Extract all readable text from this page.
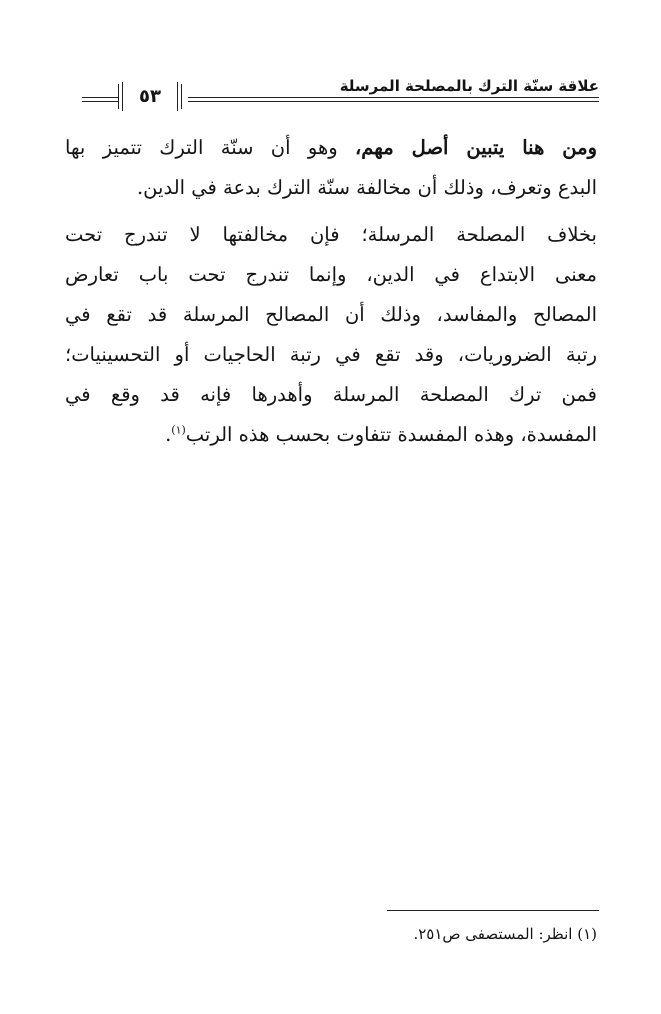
علاقة سنّة الترك بالمصلحة المرسلة
٥٣
ومن هنا يتبين أصل مهم، وهو أن سنّة الترك تتميز بها
البدع وتعرف، وذلك أن مخالفة سنّة الترك بدعة في الدين.
بخلاف المصلحة المرسلة؛ فإن مخالفتها لا تندرج تحت
معنى الابتداع في الدين، وإنما تندرج تحت باب تعارض
المصالح والمفاسد، وذلك أن المصالح المرسلة قد تقع في
رتبة الضروريات، وقد تقع في رتبة الحاجيات أو التحسينيات؛
فمن ترك المصلحة المرسلة وأهدرها فإنه قد وقع في
المفسدة، وهذه المفسدة تتفاوت بحسب هذه الرتب$^{(١)}$.
(١) انظر: المستصفى ص٢٥١.
